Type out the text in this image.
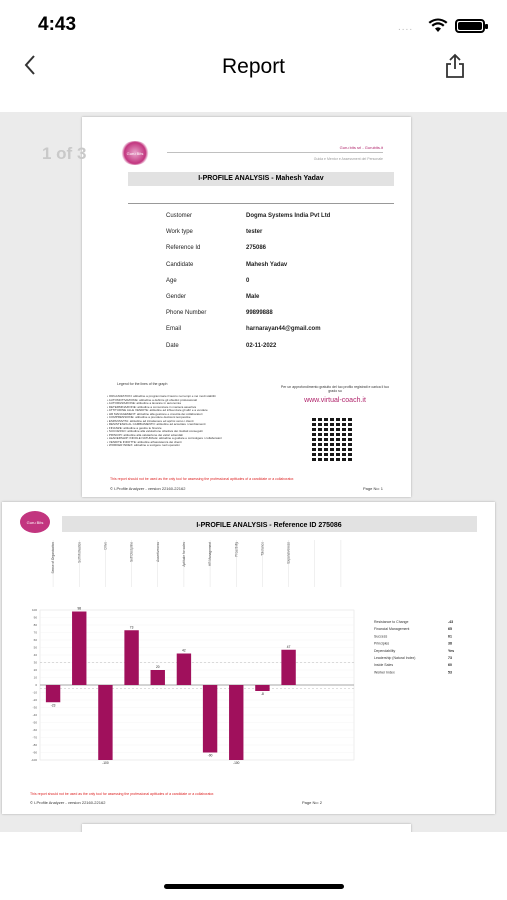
4:43	....
Report
Guru Bits
Guru bits srl - Gurubits.it
Guida e Mentor e Assessment del Personale
I-PROFILE ANALYSIS - Mahesh Yadav
Customer	Dogma Systems India Pvt Ltd
Work type	tester
Reference Id	275086
Candidate	Mahesh Yadav
Age	0
Gender	Male
Phone Number	99899888
Email	harnarayan44@gmail.com
Date	02-11-2022
Legend for the lines of the graph
• ORGANIZATION: attitudine a programmare il lavoro nei tempi e nei modi stabiliti
• AUTOMOTIVAZIONE: attitudine a definire gli obiettivi professionali
• AUTORIZZAZIONE: attitudine a lavorare in autonomia
• DETERMINAZIONE: attitudine a comunicare in maniera assertiva
• ATTITUDINE ALLE VENDITE: attitudine ad influenzare gli altri e a vendere
• HR MANAGEMENT: attitudine alla gestione e crescita dei collaboratori
• COMPRENSIONE: attitudine a prendere decisioni tempestive
• ESPANSIVITA: attitudine ad intrattenere ed aprirsi verso i clienti
• RESISTENZA AL CAMBIAMENTO: attitudine ad accettare i cambiamenti
• FINANZE: attitudine a gestire le finanze
• SUCCESSO: attitudine alla valutazione obiettiva dei risultati conseguiti
• PRINCIPI: attitudine alla valutazione dei valori aziendali
• LEADERSHIP: INDOLE NATURALE: attitudine a guidare e coinvolgere i collaboratori
• VENDITE INDOTTE: attitudine all'assistenza dei clienti
• WORKER INDEX: attitudine a svolgere ruoli operativi
Per un approfondimento gratuito del tuo profilo registrati e carica il tuo grado su
www.virtual-coach.it
This report should not be used as the only tool for assessing the professional aptitudes of a candidate or a collaborator.
© I-Profile Analyzer - version 22160-22162	Page No: 1
1 of 3
Guru Bits	I-PROFILE ANALYSIS - Reference ID 275086
100
90
80
70
60
50
40
30
20
10
0
-10
-20
-30
-40
-50
-60
-70
-80
-90
-100
Sense of Organisation	Self Motivation	Drive	Self Discipline	Assertiveness	Aptitude for sales	HR Management	Proactivity	Tolerance	Expansiveness
-23
98
-100
73
20
42
-90
-100
-8
47
Resistance to Change	-43
Financial Management	65
Success	61
Principles	38
Dependability	Yes
Leadership (Natural Index)	73
Inside Sales	60
Worker Index	53
This report should not be used as the only tool for assessing the professional aptitudes of a candidate or a collaborator.
© I-Profile Analyzer - version 22160-22162	Page No: 2
